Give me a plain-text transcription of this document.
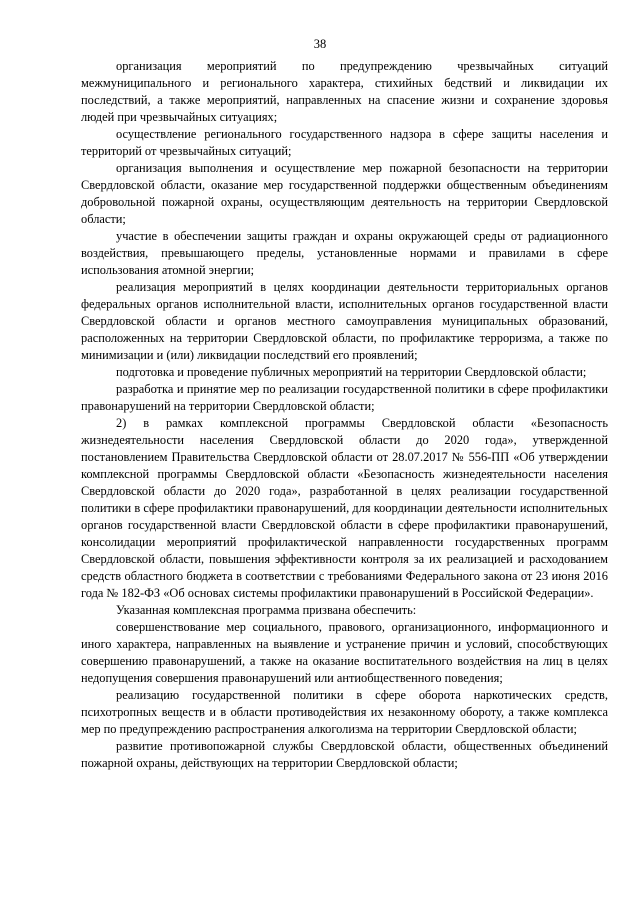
38

организация мероприятий по предупреждению чрезвычайных ситуаций межмуниципального и регионального характера, стихийных бедствий и ликвидации их последствий, а также мероприятий, направленных на спасение жизни и сохранение здоровья людей при чрезвычайных ситуациях;

осуществление регионального государственного надзора в сфере защиты населения и территорий от чрезвычайных ситуаций;

организация выполнения и осуществление мер пожарной безопасности на территории Свердловской области, оказание мер государственной поддержки общественным объединениям добровольной пожарной охраны, осуществляющим деятельность на территории Свердловской области;

участие в обеспечении защиты граждан и охраны окружающей среды от радиационного воздействия, превышающего пределы, установленные нормами и правилами в сфере использования атомной энергии;

реализация мероприятий в целях координации деятельности территориальных органов федеральных органов исполнительной власти, исполнительных органов государственной власти Свердловской области и органов местного самоуправления муниципальных образований, расположенных на территории Свердловской области, по профилактике терроризма, а также по минимизации и (или) ликвидации последствий его проявлений;

подготовка и проведение публичных мероприятий на территории Свердловской области;

разработка и принятие мер по реализации государственной политики в сфере профилактики правонарушений на территории Свердловской области;

2) в рамках комплексной программы Свердловской области «Безопасность жизнедеятельности населения Свердловской области до 2020 года», утвержденной постановлением Правительства Свердловской области от 28.07.2017 № 556-ПП «Об утверждении комплексной программы Свердловской области «Безопасность жизнедеятельности населения Свердловской области до 2020 года», разработанной в целях реализации государственной политики в сфере профилактики правонарушений, для координации деятельности исполнительных органов государственной власти Свердловской области в сфере профилактики правонарушений, консолидации мероприятий профилактической направленности государственных программ Свердловской области, повышения эффективности контроля за их реализацией и расходованием средств областного бюджета в соответствии с требованиями Федерального закона от 23 июня 2016 года № 182-ФЗ «Об основах системы профилактики правонарушений в Российской Федерации».

Указанная комплексная программа призвана обеспечить:

совершенствование мер социального, правового, организационного, информационного и иного характера, направленных на выявление и устранение причин и условий, способствующих совершению правонарушений, а также на оказание воспитательного воздействия на лиц в целях недопущения совершения правонарушений или антиобщественного поведения;

реализацию государственной политики в сфере оборота наркотических средств, психотропных веществ и в области противодействия их незаконному обороту, а также комплекса мер по предупреждению распространения алкоголизма на территории Свердловской области;

развитие противопожарной службы Свердловской области, общественных объединений пожарной охраны, действующих на территории Свердловской области;
